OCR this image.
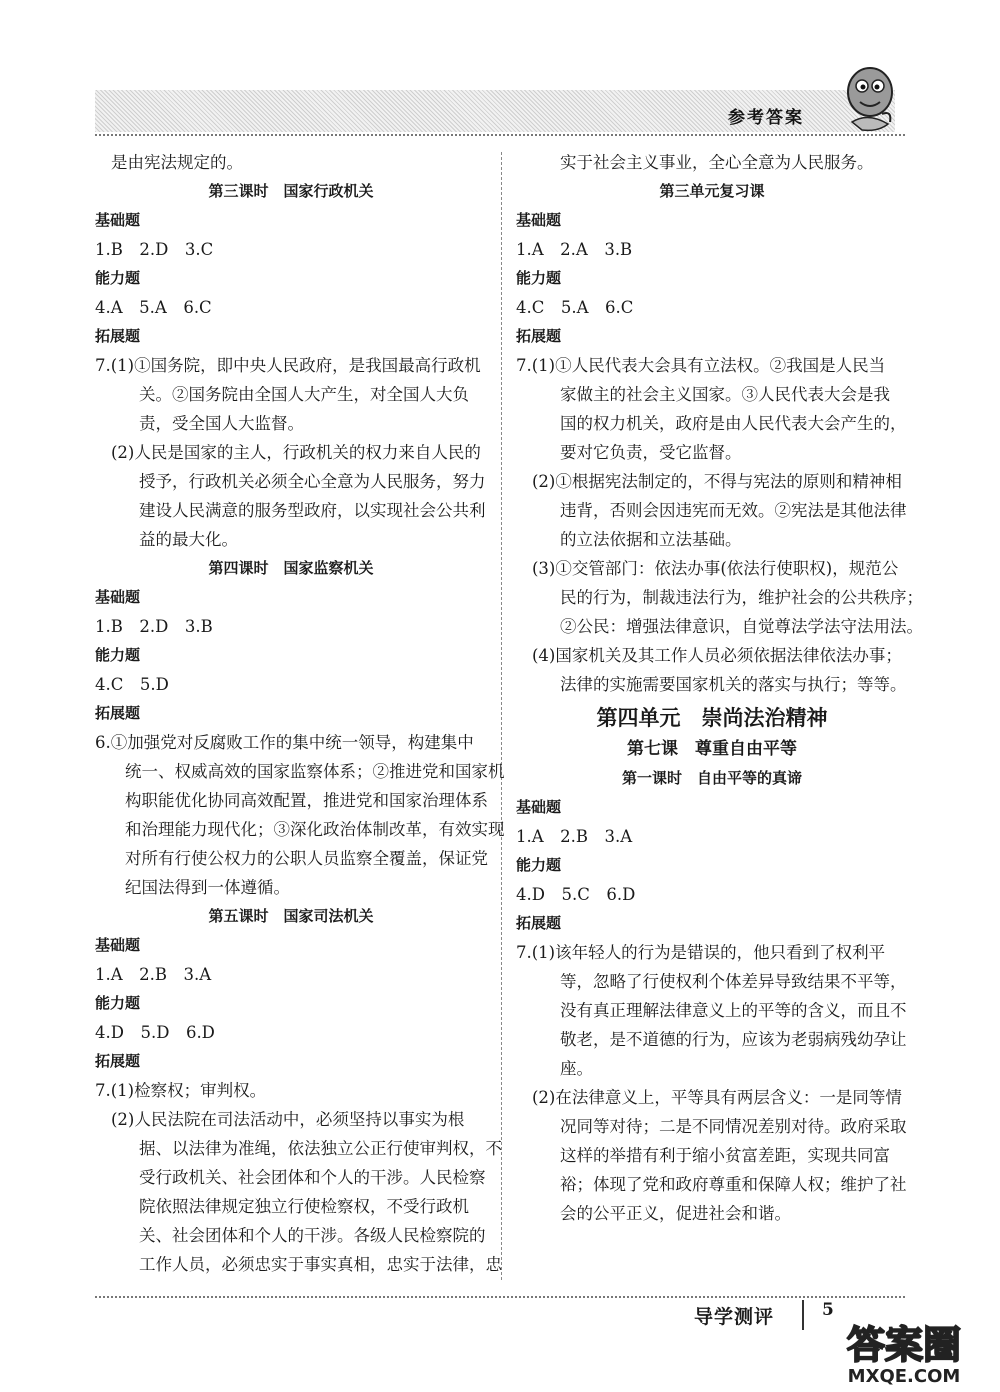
参考答案
是由宪法规定的。
第三课时　国家行政机关
基础题
1.B　2.D　3.C
能力题
4.A　5.A　6.C
拓展题
7.(1)①国务院，即中央人民政府，是我国最高行政机
关。②国务院由全国人大产生，对全国人大负
责，受全国人大监督。
(2)人民是国家的主人，行政机关的权力来自人民的
授予，行政机关必须全心全意为人民服务，努力
建设人民满意的服务型政府，以实现社会公共利
益的最大化。
第四课时　国家监察机关
基础题
1.B　2.D　3.B
能力题
4.C　5.D
拓展题
6.①加强党对反腐败工作的集中统一领导，构建集中
统一、权威高效的国家监察体系；②推进党和国家机
构职能优化协同高效配置，推进党和国家治理体系
和治理能力现代化；③深化政治体制改革，有效实现
对所有行使公权力的公职人员监察全覆盖，保证党
纪国法得到一体遵循。
第五课时　国家司法机关
基础题
1.A　2.B　3.A
能力题
4.D　5.D　6.D
拓展题
7.(1)检察权；审判权。
(2)人民法院在司法活动中，必须坚持以事实为根
据、以法律为准绳，依法独立公正行使审判权，不
受行政机关、社会团体和个人的干涉。人民检察
院依照法律规定独立行使检察权，不受行政机
关、社会团体和个人的干涉。各级人民检察院的
工作人员，必须忠实于事实真相，忠实于法律，忠
实于社会主义事业，全心全意为人民服务。
第三单元复习课
基础题
1.A　2.A　3.B
能力题
4.C　5.A　6.C
拓展题
7.(1)①人民代表大会具有立法权。②我国是人民当
家做主的社会主义国家。③人民代表大会是我
国的权力机关，政府是由人民代表大会产生的，
要对它负责，受它监督。
(2)①根据宪法制定的，不得与宪法的原则和精神相
违背，否则会因违宪而无效。②宪法是其他法律
的立法依据和立法基础。
(3)①交管部门：依法办事(依法行使职权)，规范公
民的行为，制裁违法行为，维护社会的公共秩序；
②公民：增强法律意识，自觉尊法学法守法用法。
(4)国家机关及其工作人员必须依据法律依法办事；
法律的实施需要国家机关的落实与执行；等等。
第四单元　崇尚法治精神
第七课　尊重自由平等
第一课时　自由平等的真谛
基础题
1.A　2.B　3.A
能力题
4.D　5.C　6.D
拓展题
7.(1)该年轻人的行为是错误的，他只看到了权利平
等，忽略了行使权利个体差异导致结果不平等，
没有真正理解法律意义上的平等的含义，而且不
敬老，是不道德的行为，应该为老弱病残幼孕让
座。
(2)在法律意义上，平等具有两层含义：一是同等情
况同等对待；二是不同情况差别对待。政府采取
这样的举措有利于缩小贫富差距，实现共同富
裕；体现了党和政府尊重和保障人权；维护了社
会的公平正义，促进社会和谐。
导学测评	5
答案圈
MXQE.COM
